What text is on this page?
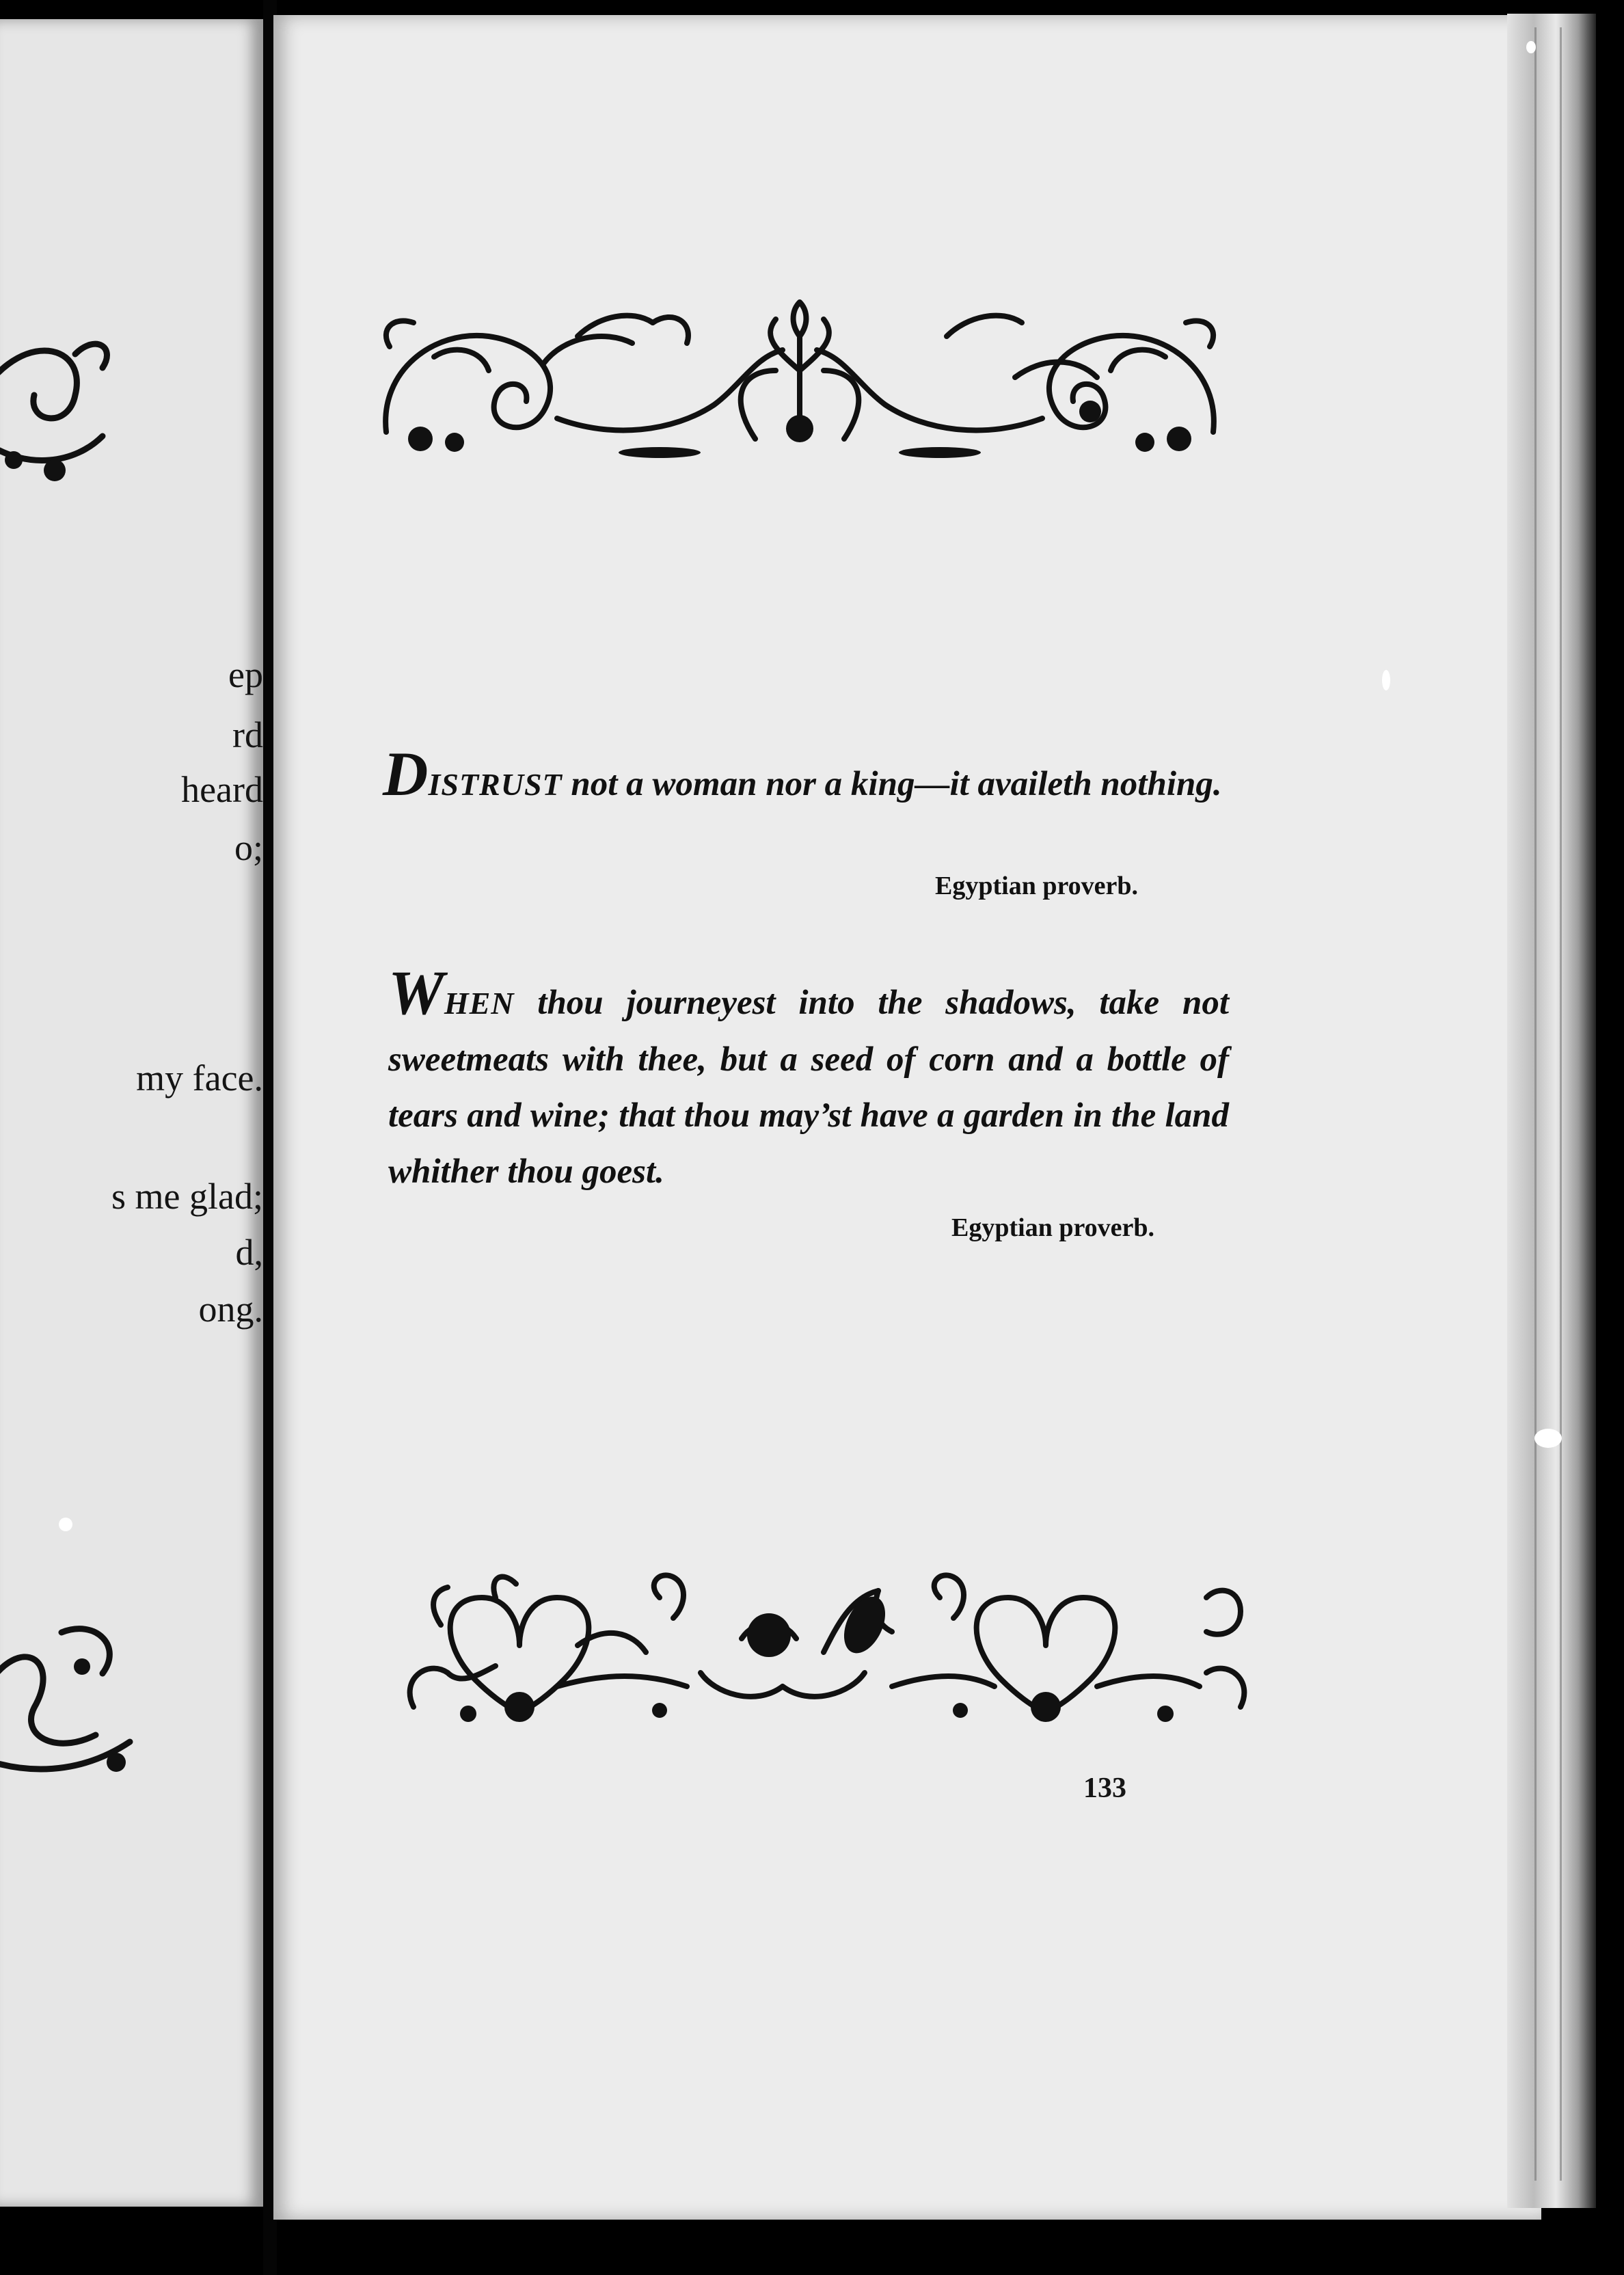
ep

rd

heard

o;

my face.

s me glad;

d,

ong.

DISTRUST not a woman nor a king—it availeth nothing.

Egyptian proverb.

WHEN thou journeyest into the shadows, take not sweetmeats with thee, but a seed of corn and a bottle of tears and wine; that thou may’st have a garden in the land whither thou goest.

Egyptian proverb.

133
